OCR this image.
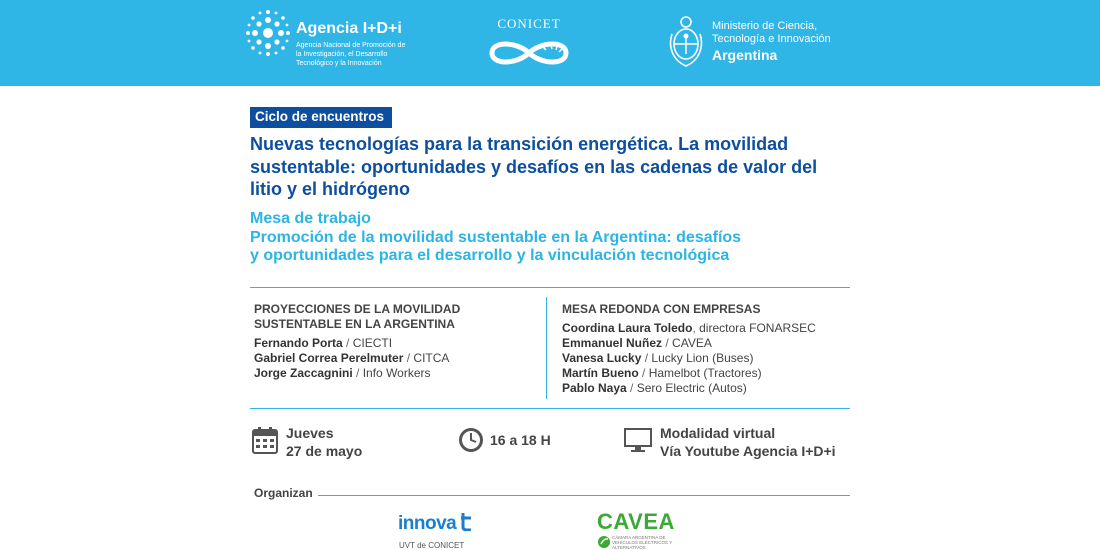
Agencia I+D+i
Agencia Nacional de Promoción de la Investigación, el Desarrollo Tecnológico y la Innovación
CONICET	Ministerio de Ciencia,
Tecnología e Innovación
Argentina
Ciclo de encuentros
Nuevas tecnologías para la transición energética. La movilidad sustentable: oportunidades y desafíos en las cadenas de valor del litio y el hidrógeno
Mesa de trabajo
Promoción de la movilidad sustentable en la Argentina: desafíos
y oportunidades para el desarrollo y la vinculación tecnológica
PROYECCIONES DE LA MOVILIDAD
SUSTENTABLE EN LA ARGENTINA
Fernando Porta / CIECTI
Gabriel Correa Perelmuter / CITCA
Jorge Zaccagnini / Info Workers
MESA REDONDA CON EMPRESAS
Coordina Laura Toledo, directora FONARSEC
Emmanuel Nuñez / CAVEA
Vanesa Lucky / Lucky Lion (Buses)
Martín Bueno / Hamelbot (Tractores)
Pablo Naya / Sero Electric (Autos)
Jueves
27 de mayo
16 a 18 H	Modalidad virtual
Vía Youtube Agencia I+D+i
Organizan
innova
UVT de CONICET
CAVEA
CÁMARA ARGENTINA DE VEHÍCULOS ELÉCTRICOS Y ALTERNATIVOS
